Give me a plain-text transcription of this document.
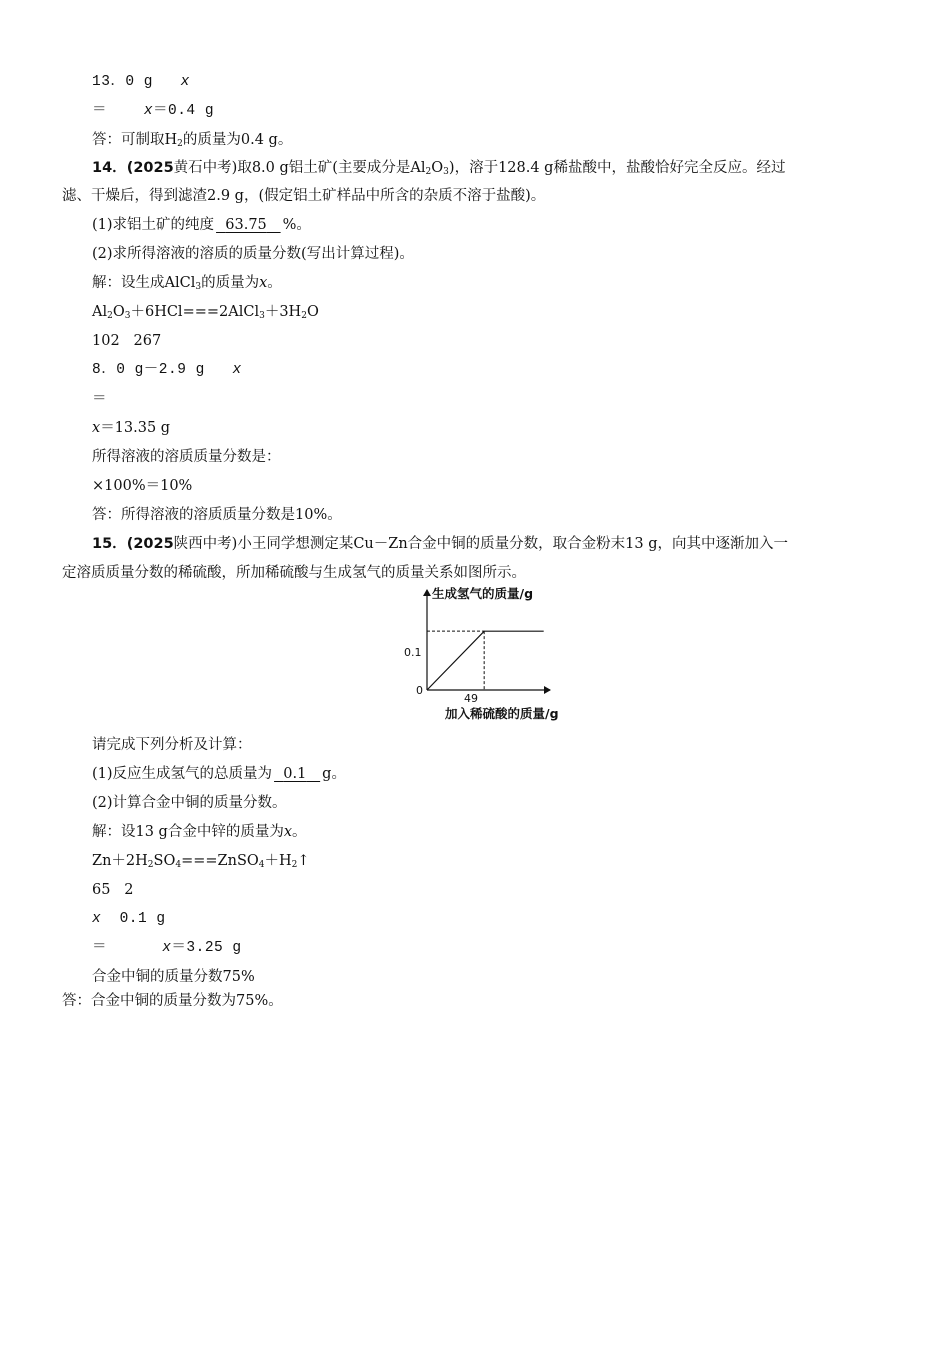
13．0 g x
＝	x＝0.4 g
答：可制取$H_2$的质量为0.4 g。
14．(2025黄石中考)取8.0 g铝土矿(主要成分是$Al_2O_3$)，溶于128.4 g稀盐酸中，盐酸恰好完全反应。经过
滤、干燥后，得到滤渣2.9 g，(假定铝土矿样品中所含的杂质不溶于盐酸)。
(1)求铝土矿的纯度 63.75 %。
(2)求所得溶液的溶质的质量分数(写出计算过程)。
解：设生成AlCl$_3$的质量为x。
$Al_2O_3+6HCl===2AlCl_3+3H_2O$
102   267
8．0 g－2.9 g x
＝
x＝13.35 g
所得溶液的溶质质量分数是：
×100%＝10%
答：所得溶液的溶质质量分数是10%。
15．(2025陕西中考)小王同学想测定某Cu－Zn合金中铜的质量分数，取合金粉末13 g，向其中逐渐加入一
定溶质质量分数的稀硫酸，所加稀硫酸与生成氢气的质量关系如图所示。
生成氢气的质量/g
加入稀硫酸的质量/g
0
0.1
49
请完成下列分析及计算：
(1)反应生成氢气的总质量为 0.1 g。
(2)计算合金中铜的质量分数。
解：设13 g合金中锌的质量为x。
$Zn+2H_2SO_4===ZnSO_4+H_2↑$
65   2
x 0.1 g
＝	x＝3.25 g
合金中铜的质量分数75%
答：合金中铜的质量分数为75%。
